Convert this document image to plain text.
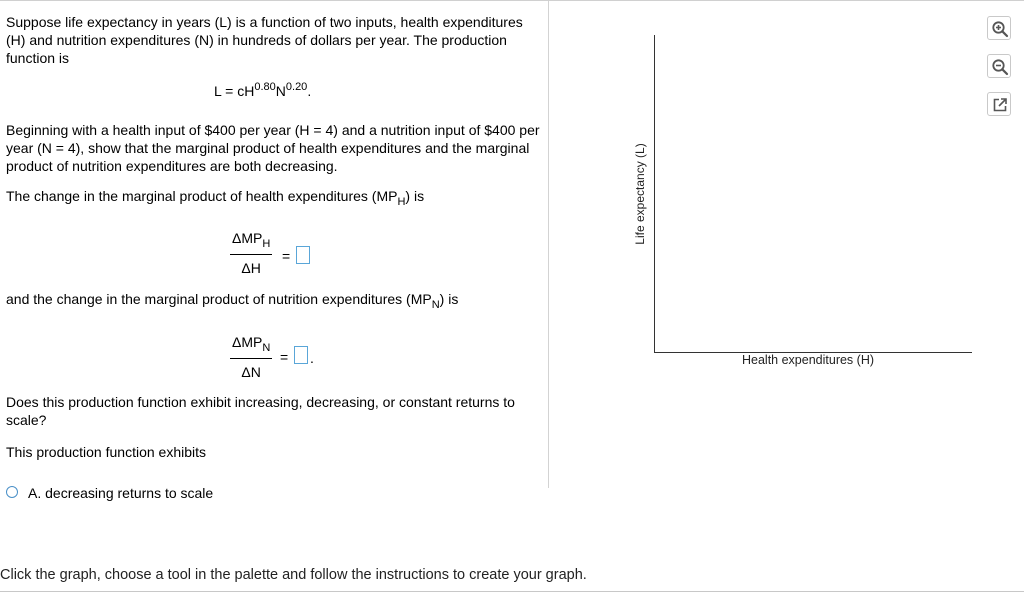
Suppose life expectancy in years (L) is a function of two inputs, health expenditures (H) and nutrition expenditures (N) in hundreds of dollars per year. The production function is

$L = cH^{0.80}N^{0.20}$.

Beginning with a health input of $400 per year (H = 4) and a nutrition input of $400 per year (N = 4), show that the marginal product of health expenditures and the marginal product of nutrition expenditures are both decreasing.

The change in the marginal product of health expenditures $(MP_H)$ is
$\Delta MP_H$
ΔH
=
and the change in the marginal product of nutrition expenditures $(MP_N)$ is
$\Delta MP_N$
ΔN
= .

Does this production function exhibit increasing, decreasing, or constant returns to scale?

This production function exhibits

A. decreasing returns to scale
Life expectancy (L)
Health expenditures (H)
Click the graph, choose a tool in the palette and follow the instructions to create your graph.
